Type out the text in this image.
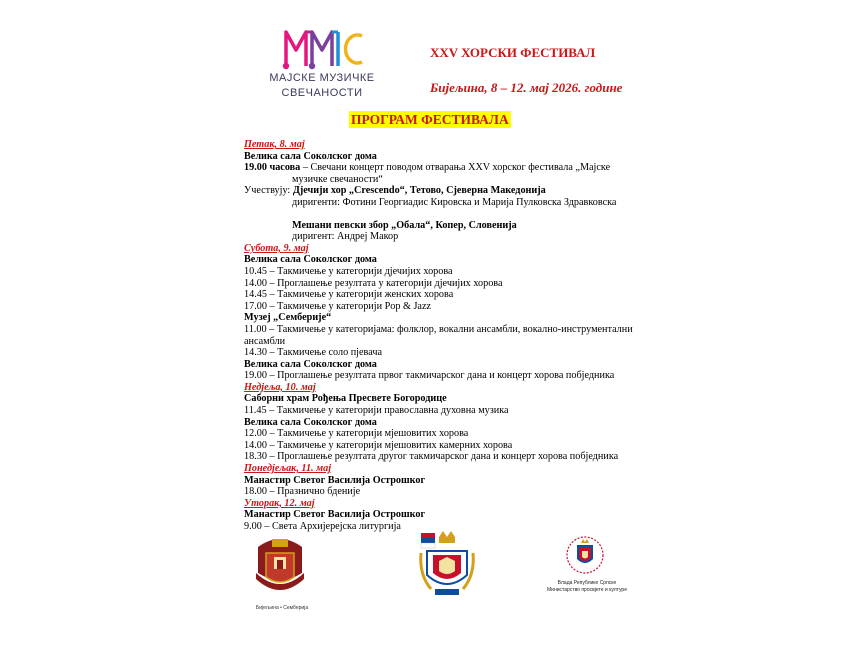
МАЈСКЕ МУЗИЧКЕ
СВЕЧАНОСТИ
XXV ХОРСКИ ФЕСТИВАЛ
Бијељина, 8 – 12. мај 2026. године
ПРОГРАМ ФЕСТИВАЛА
Петак, 8. мај
Велика сала Соколског дома
19.00 часова – Свечани концерт поводом отварања XXV хорског фестивала „Мајске
музичке свечаности“
Учествују: Дјечији хор „Crescendo“, Тетово, Сјеверна Македонија
диригенти: Фотини Георгиадис Кировска и Марија Пулковска Здравковска
Мешани певски збор „Обала“, Копер, Словенија
диригент: Андреј Макор
Субота, 9. мај
Велика сала Соколског дома
10.45 – Такмичење у категорији дјечијих хорова
14.00 – Проглашење резултата у категорији дјечијих хорова
14.45 – Такмичење у категорији женских хорова
17.00 – Такмичење у категорији Pop & Jazz
Музеј „Семберије“
11.00 – Такмичење у категоријама: фолклор, вокални ансамбли, вокално-инструментални ансамбли
14.30 – Такмичење соло пјевача
Велика сала Соколског дома
19.00 – Проглашење резултата првог такмичарског дана и концерт хорова побједника
Недјеља, 10. мај
Саборни храм Рођења Пресвете Богородице
11.45 – Такмичење у категорији православна духовна музика
Велика сала Соколског дома
12.00 – Такмичење у категорији мјешовитих хорова
14.00 – Такмичење у категорији мјешовитих камерних хорова
18.30 – Проглашење резултата другог такмичарског дана и концерт хорова побједника
Понедјељак, 11. мај
Манастир Светог Василија Острошког
18.00 – Празнично бденије
Уторак, 12. мај
Манастир Светог Василија Острошког
9.00 – Света Архијерејска литургија
Бијељина • Семберија
Влада Републике Српске
Министарство просвјете и културе
